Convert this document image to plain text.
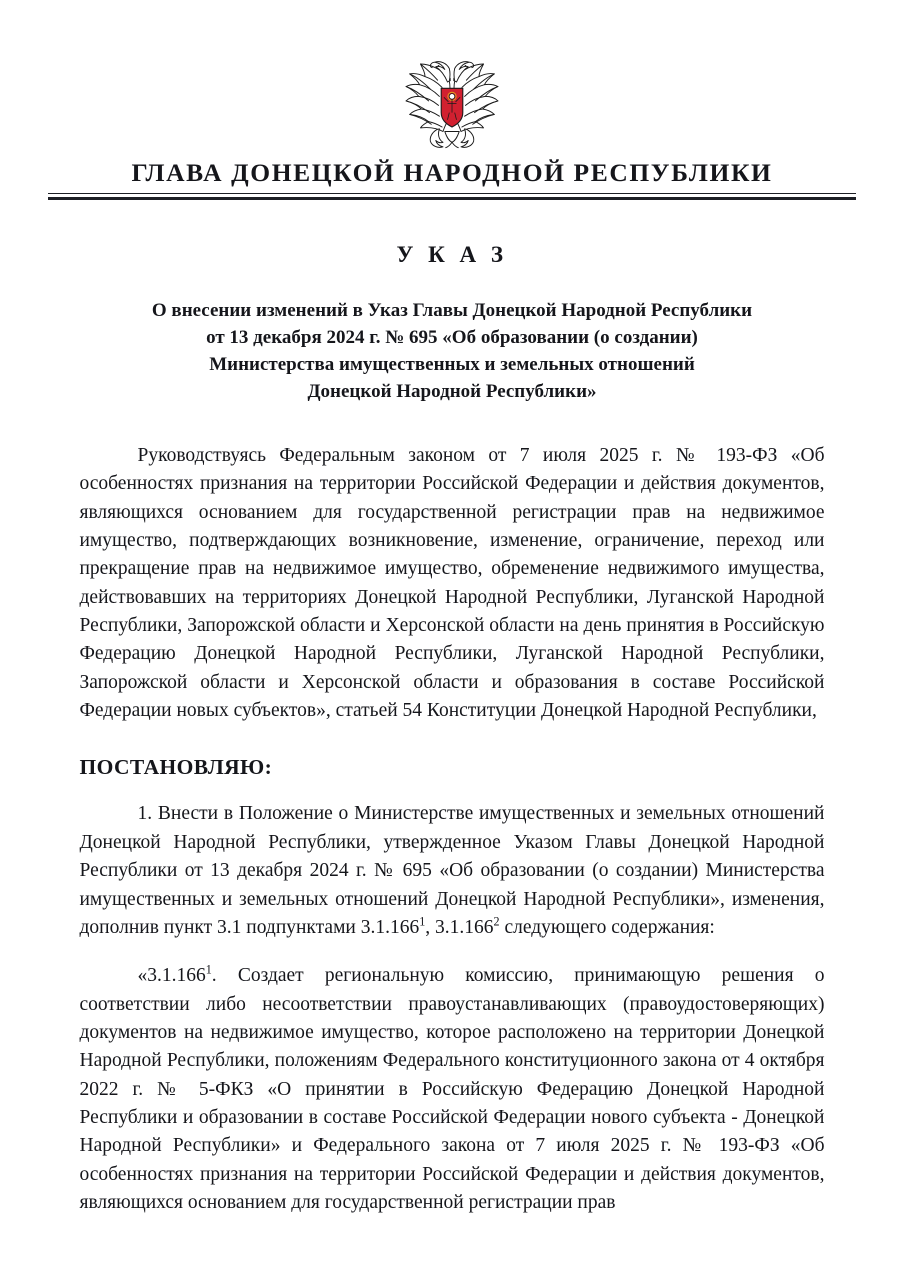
ГЛАВА ДОНЕЦКОЙ НАРОДНОЙ РЕСПУБЛИКИ
У К А З
О внесении изменений в Указ Главы Донецкой Народной Республики
от 13 декабря 2024 г. № 695 «Об образовании (о создании)
Министерства имущественных и земельных отношений
Донецкой Народной Республики»

Руководствуясь Федеральным законом от 7 июля 2025 г. № 193-ФЗ «Об особенностях признания на территории Российской Федерации и действия документов, являющихся основанием для государственной регистрации прав на недвижимое имущество, подтверждающих возникновение, изменение, ограничение, переход или прекращение прав на недвижимое имущество, обременение недвижимого имущества, действовавших на территориях Донецкой Народной Республики, Луганской Народной Республики, Запорожской области и Херсонской области на день принятия в Российскую Федерацию Донецкой Народной Республики, Луганской Народной Республики, Запорожской области и Херсонской области и образования в составе Российской Федерации новых субъектов», статьей 54 Конституции Донецкой Народной Республики,

ПОСТАНОВЛЯЮ:

1. Внести в Положение о Министерстве имущественных и земельных отношений Донецкой Народной Республики, утвержденное Указом Главы Донецкой Народной Республики от 13 декабря 2024 г. № 695 «Об образовании (о создании) Министерства имущественных и земельных отношений Донецкой Народной Республики», изменения, дополнив пункт 3.1 подпунктами 3.1.166$^1$, 3.1.166$^2$ следующего содержания:

«3.1.166$^1$. Создает региональную комиссию, принимающую решения о соответствии либо несоответствии правоустанавливающих (правоудостоверяющих) документов на недвижимое имущество, которое расположено на территории Донецкой Народной Республики, положениям Федерального конституционного закона от 4 октября 2022 г. № 5-ФКЗ «О принятии в Российскую Федерацию Донецкой Народной Республики и образовании в составе Российской Федерации нового субъекта - Донецкой Народной Республики» и Федерального закона от 7 июля 2025 г. № 193-ФЗ «Об особенностях признания на территории Российской Федерации и действия документов, являющихся основанием для государственной регистрации прав
